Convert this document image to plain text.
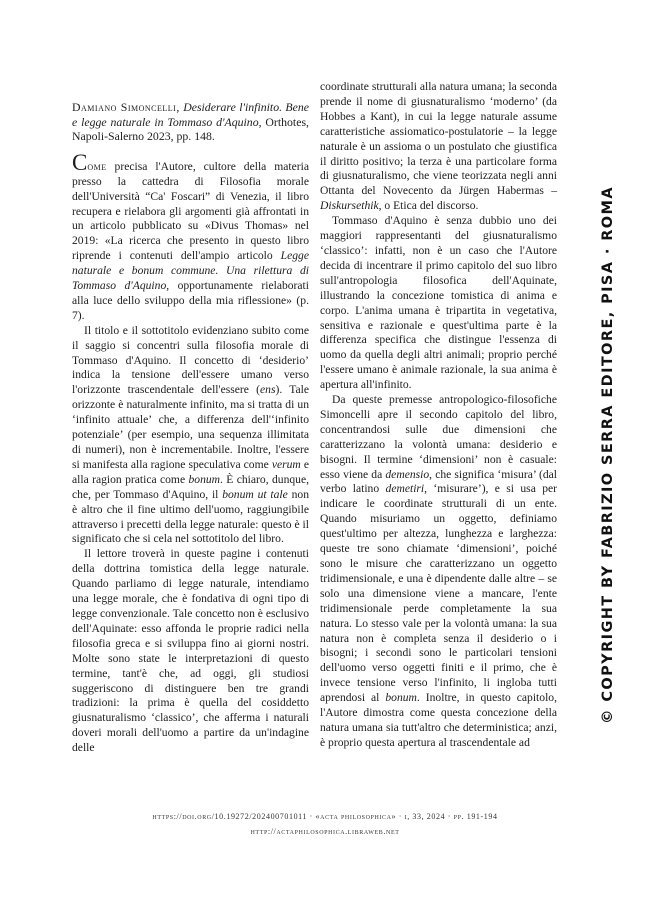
Damiano Simoncelli, Desiderare l'infinito. Bene e legge naturale in Tommaso d'Aquino, Orthotes, Napoli-Salerno 2023, pp. 148.

Come precisa l'Autore, cultore della materia presso la cattedra di Filosofia morale dell'Università “Ca' Foscari” di Venezia, il libro recupera e rielabora gli argomenti già affrontati in un articolo pubblicato su «Divus Thomas» nel 2019: «La ricerca che presento in questo libro riprende i contenuti dell'ampio articolo Legge naturale e bonum commune. Una rilettura di Tommaso d'Aquino, opportunamente rielaborati alla luce dello sviluppo della mia riflessione» (p. 7).

Il titolo e il sottotitolo evidenziano subito come il saggio si concentri sulla filosofia morale di Tommaso d'Aquino. Il concetto di ‘desiderio’ indica la tensione dell'essere umano verso l'orizzonte trascendentale dell'essere (ens). Tale orizzonte è naturalmente infinito, ma si tratta di un ‘infinito attuale’ che, a differenza dell'‘infinito potenziale’ (per esempio, una sequenza illimitata di numeri), non è incrementabile. Inoltre, l'essere si manifesta alla ragione speculativa come verum e alla ragion pratica come bonum. È chiaro, dunque, che, per Tommaso d'Aquino, il bonum ut tale non è altro che il fine ultimo dell'uomo, raggiungibile attraverso i precetti della legge naturale: questo è il significato che si cela nel sottotitolo del libro.

Il lettore troverà in queste pagine i contenuti della dottrina tomistica della legge naturale. Quando parliamo di legge naturale, intendiamo una legge morale, che è fondativa di ogni tipo di legge convenzionale. Tale concetto non è esclusivo dell'Aquinate: esso affonda le proprie radici nella filosofia greca e si sviluppa fino ai giorni nostri. Molte sono state le interpretazioni di questo termine, tant'è che, ad oggi, gli studiosi suggeriscono di distinguere ben tre grandi tradizioni: la prima è quella del cosiddetto giusnaturalismo ‘classico’, che afferma i naturali doveri morali dell'uomo a partire da un'indagine delle

coordinate strutturali alla natura umana; la seconda prende il nome di giusnaturalismo ‘moderno’ (da Hobbes a Kant), in cui la legge naturale assume caratteristiche assiomatico-postulatorie – la legge naturale è un assioma o un postulato che giustifica il diritto positivo; la terza è una particolare forma di giusnaturalismo, che viene teorizzata negli anni Ottanta del Novecento da Jürgen Habermas – Diskursethik, o Etica del discorso.

Tommaso d'Aquino è senza dubbio uno dei maggiori rappresentanti del giusnaturalismo ‘classico’: infatti, non è un caso che l'Autore decida di incentrare il primo capitolo del suo libro sull'antropologia filosofica dell'Aquinate, illustrando la concezione tomistica di anima e corpo. L'anima umana è tripartita in vegetativa, sensitiva e razionale e quest'ultima parte è la differenza specifica che distingue l'essenza di uomo da quella degli altri animali; proprio perché l'essere umano è animale razionale, la sua anima è apertura all'infinito.

Da queste premesse antropologico-filosofiche Simoncelli apre il secondo capitolo del libro, concentrandosi sulle due dimensioni che caratterizzano la volontà umana: desiderio e bisogni. Il termine ‘dimensioni’ non è casuale: esso viene da demensio, che significa ‘misura’ (dal verbo latino demetiri, ‘misurare’), e si usa per indicare le coordinate strutturali di un ente. Quando misuriamo un oggetto, definiamo quest'ultimo per altezza, lunghezza e larghezza: queste tre sono chiamate ‘dimensioni’, poiché sono le misure che caratterizzano un oggetto tridimensionale, e una è dipendente dalle altre – se solo una dimensione viene a mancare, l'ente tridimensionale perde completamente la sua natura. Lo stesso vale per la volontà umana: la sua natura non è completa senza il desiderio o i bisogni; i secondi sono le particolari tensioni dell'uomo verso oggetti finiti e il primo, che è invece tensione verso l'infinito, li ingloba tutti aprendosi al bonum. Inoltre, in questo capitolo, l'Autore dimostra come questa concezione della natura umana sia tutt'altro che deterministica; anzi, è proprio questa apertura al trascendentale ad

https://doi.org/10.19272/202400701011 · «acta philosophica» · i, 33, 2024 · pp. 191-194
http://actaphilosophica.libraweb.net
© COPYRIGHT BY FABRIZIO SERRA EDITORE, PISA · ROMA
